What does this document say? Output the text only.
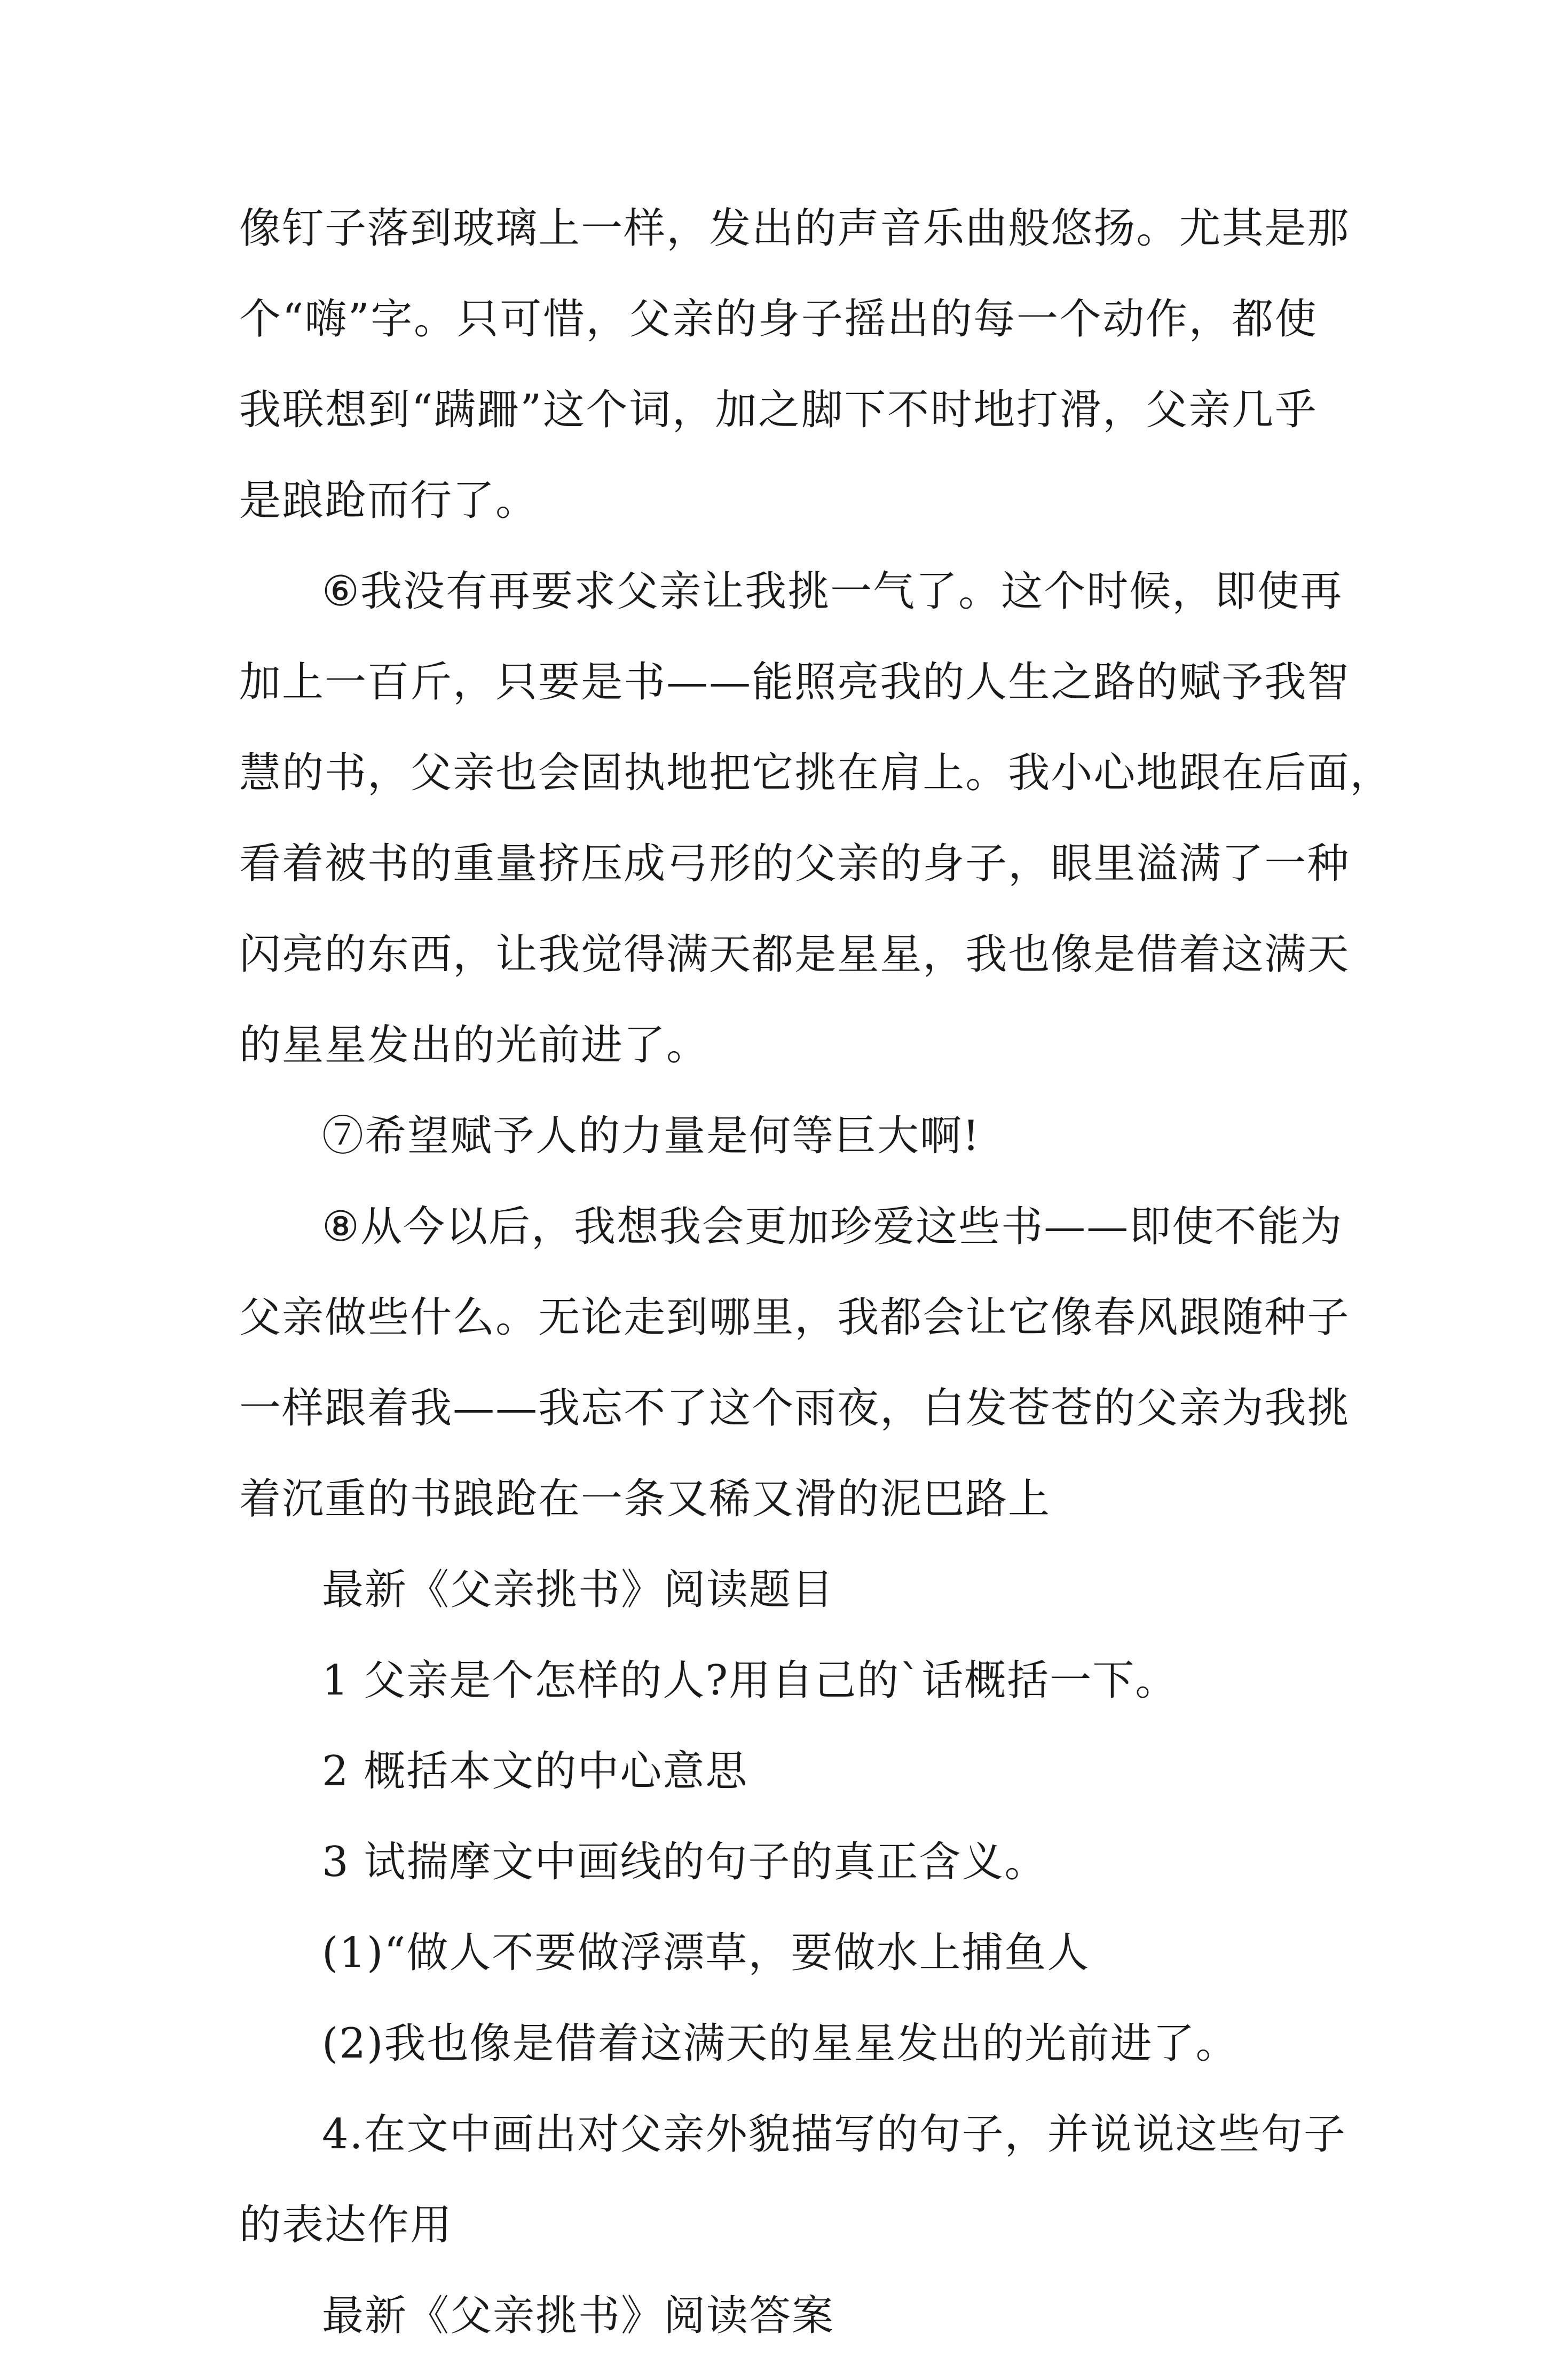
像 钉 子 落 到 玻 璃 上 一 样 ， 发 出 的 声 音 乐 曲 般 悠 扬 。 尤 其 是 那
个 “ 嗨 ” 字 。 只 可 惜 ， 父 亲 的 身 子 摇 出 的 每 一 个 动 作 ， 都 使
我 联 想 到 “ 蹒 跚 ” 这 个 词 ， 加 之 脚 下 不 时 地 打 滑 ， 父 亲 几 乎
是踉跄而行了。
⑥ 我 没 有 再 要 求 父 亲 让 我 挑 一 气 了 。 这 个 时 候 ， 即 使 再
加 上 一 百 斤 ， 只 要 是 书 — — 能 照 亮 我 的 人 生 之 路 的 赋 予 我 智
慧 的 书 ， 父 亲 也 会 固 执 地 把 它 挑 在 肩 上 。 我 小 心 地 跟 在 后 面 ，
看 着 被 书 的 重 量 挤 压 成 弓 形 的 父 亲 的 身 子 ， 眼 里 溢 满 了 一 种
闪 亮 的 东 西 ， 让 我 觉 得 满 天 都 是 星 星 ， 我 也 像 是 借 着 这 满 天
的星星发出的光前进了。
⑦希望赋予人的力量是何等巨大啊!
⑧ 从 今 以 后 ， 我 想 我 会 更 加 珍 爱 这 些 书 — — 即 使 不 能 为
父 亲 做 些 什 么 。 无 论 走 到 哪 里 ， 我 都 会 让 它 像 春 风 跟 随 种 子
一 样 跟 着 我 — — 我 忘 不 了 这 个 雨 夜 ， 白 发 苍 苍 的 父 亲 为 我 挑
着沉重的书踉跄在一条又稀又滑的泥巴路上
最新《父亲挑书》阅读题目
1 父亲是个怎样的人?用自己的`话概括一下。
2 概括本文的中心意思
3 试揣摩文中画线的句子的真正含义。
(1)“做人不要做浮漂草，要做水上捕鱼人
(2)我也像是借着这满天的星星发出的光前进了。
4 . 在 文 中 画 出 对 父 亲 外 貌 描 写 的 句 子 ， 并 说 说 这 些 句 子
的表达作用
最新《父亲挑书》阅读答案
